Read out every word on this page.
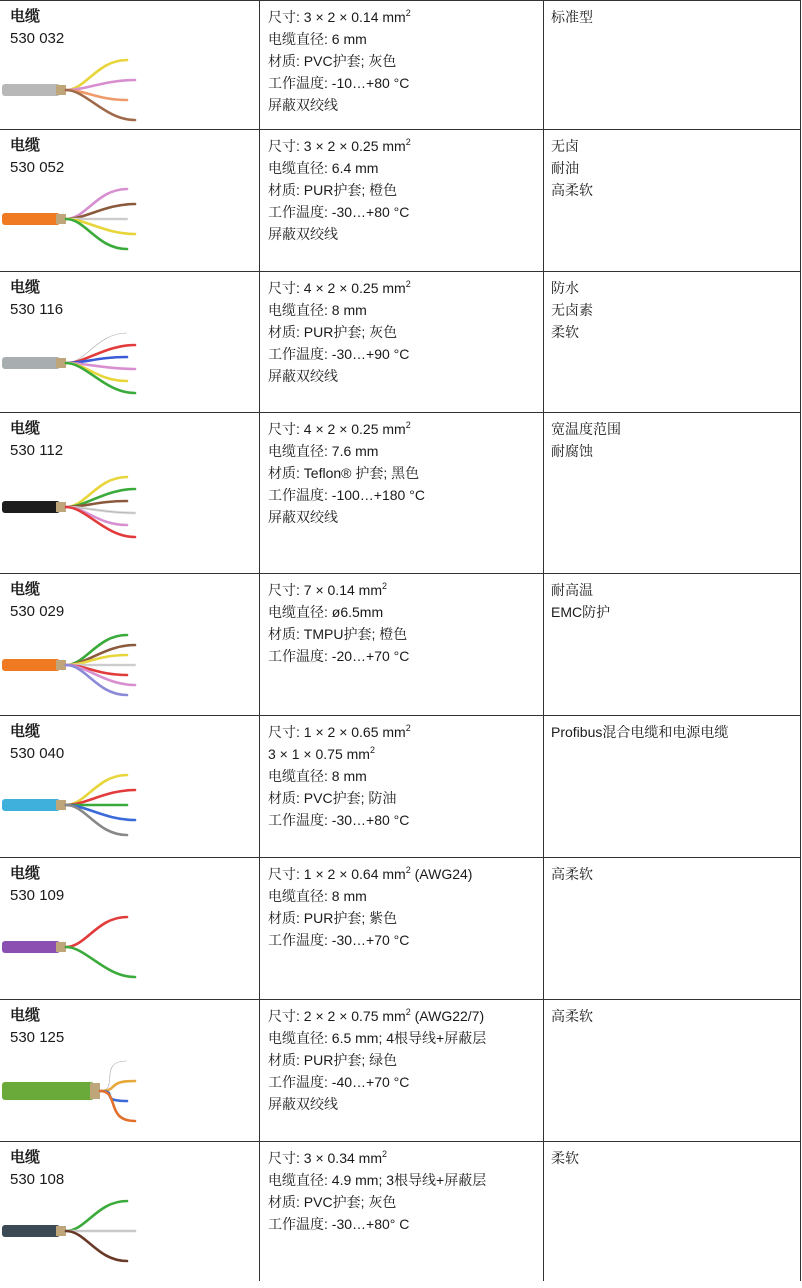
电缆
530 032
尺寸: 3 × 2 × 0.14 $mm^2$
电缆直径: 6 mm
材质: PVC护套; 灰色
工作温度: -10…+80 °C
屏蔽双绞线
标准型
电缆
530 052
尺寸: 3 × 2 × 0.25 $mm^2$
电缆直径: 6.4 mm
材质: PUR护套; 橙色
工作温度: -30…+80 °C
屏蔽双绞线
无卤
耐油
高柔软
电缆
530 116
尺寸: 4 × 2 × 0.25 $mm^2$
电缆直径: 8 mm
材质: PUR护套; 灰色
工作温度: -30…+90 °C
屏蔽双绞线
防水
无卤素
柔软
电缆
530 112
尺寸: 4 × 2 × 0.25 $mm^2$
电缆直径: 7.6 mm
材质: Teflon® 护套; 黑色
工作温度: -100…+180 °C
屏蔽双绞线
宽温度范围
耐腐蚀
电缆
530 029
尺寸: 7 × 0.14 $mm^2$
电缆直径: ø6.5mm
材质: TMPU护套; 橙色
工作温度: -20…+70 °C
耐高温
EMC防护
电缆
530 040
尺寸: 1 × 2 × 0.65 $mm^2$
3 × 1 × 0.75 $mm^2$
电缆直径: 8 mm
材质: PVC护套; 防油
工作温度: -30…+80 °C
Profibus混合电缆和电源电缆
电缆
530 109
尺寸: 1 × 2 × 0.64 $mm^2$ (AWG24)
电缆直径: 8 mm
材质: PUR护套; 紫色
工作温度: -30…+70 °C
高柔软
电缆
530 125
尺寸: 2 × 2 × 0.75 $mm^2$ (AWG22/7)
电缆直径: 6.5 mm; 4根导线+屏蔽层
材质: PUR护套; 绿色
工作温度: -40…+70 °C
屏蔽双绞线
高柔软
电缆
530 108
尺寸: 3 × 0.34 $mm^2$
电缆直径: 4.9 mm; 3根导线+屏蔽层
材质: PVC护套; 灰色
工作温度: -30…+80° C
柔软
